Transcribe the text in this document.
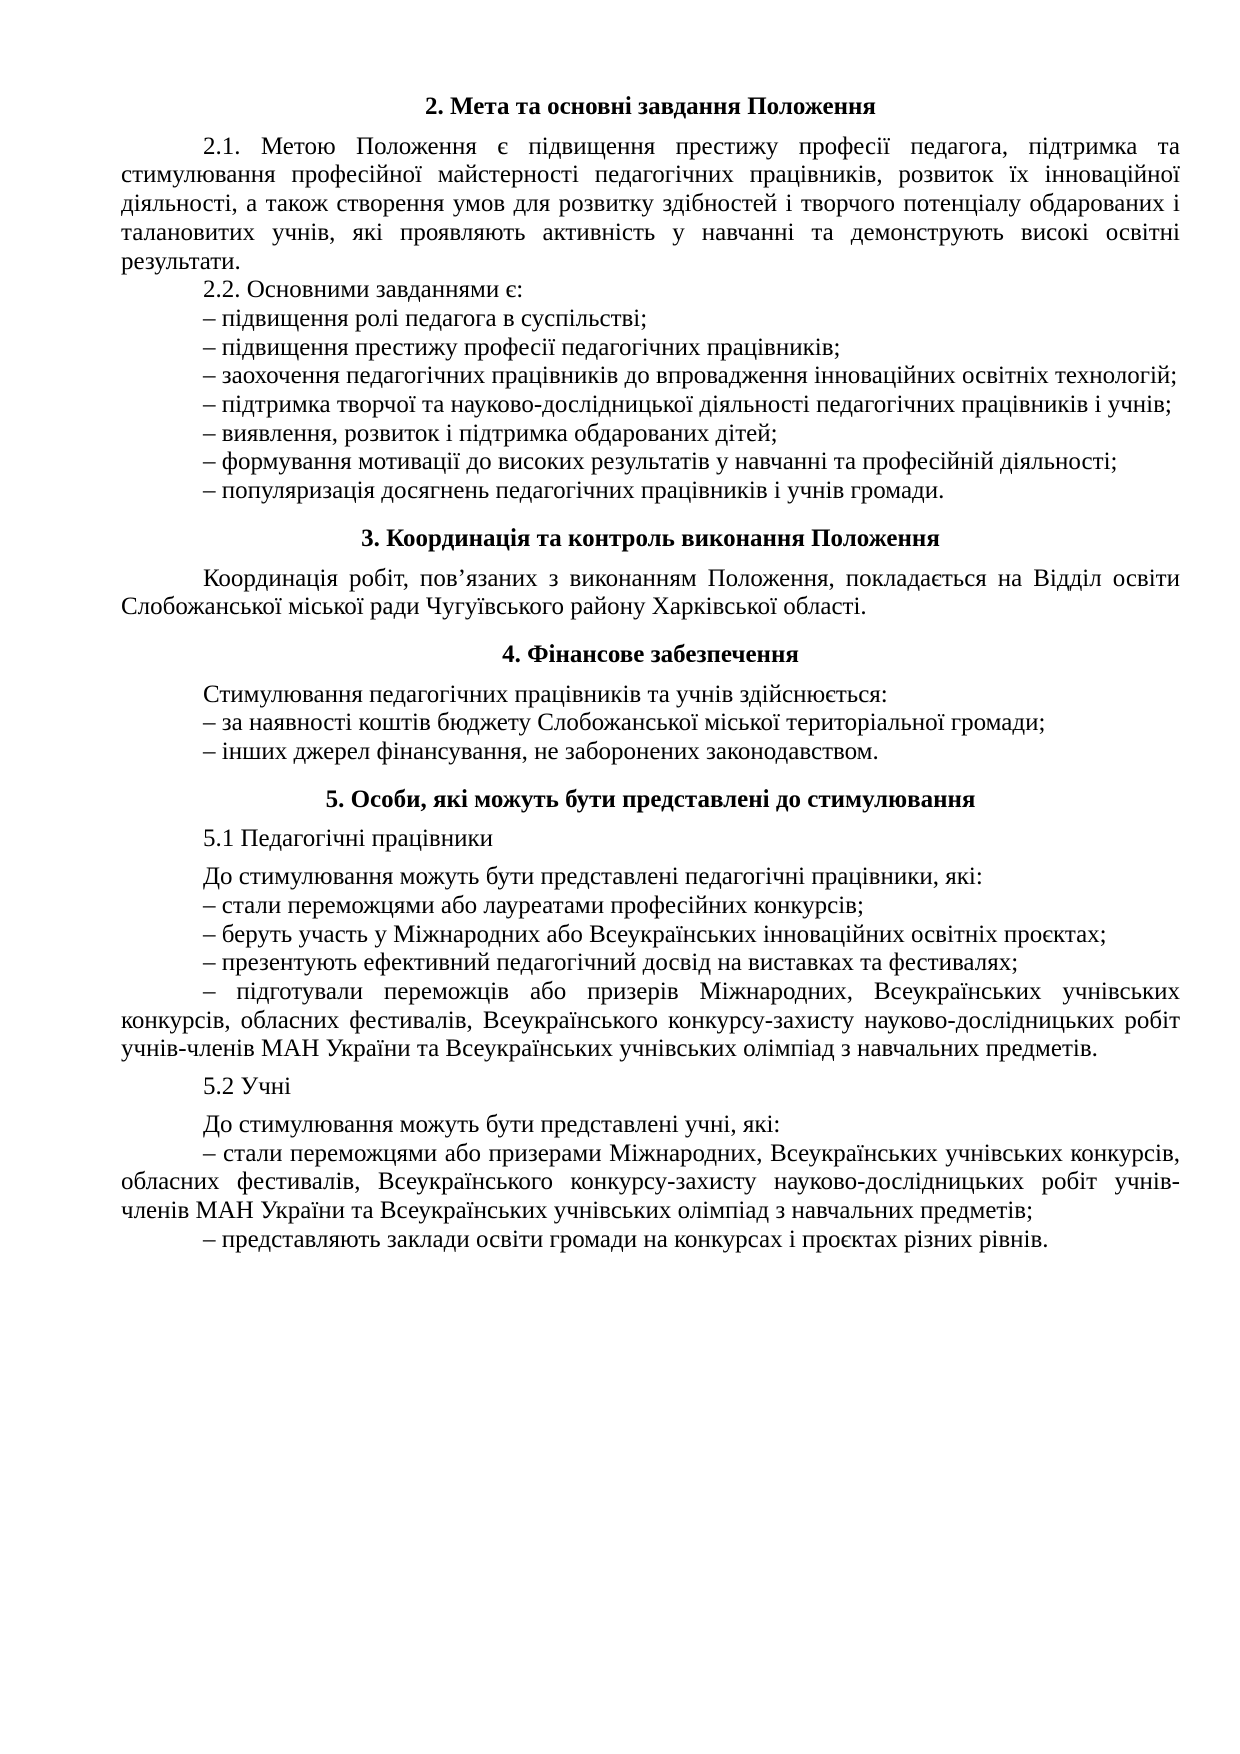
2. Мета та основні завдання Положення

2.1. Метою Положення є підвищення престижу професії педагога, підтримка та стимулювання професійної майстерності педагогічних працівників, розвиток їх інноваційної діяльності, а також створення умов для розвитку здібностей і творчого потенціалу обдарованих і талановитих учнів, які проявляють активність у навчанні та демонструють високі освітні результати.

2.2. Основними завданнями є:

– підвищення ролі педагога в суспільстві;

– підвищення престижу професії педагогічних працівників;

– заохочення педагогічних працівників до впровадження інноваційних освітніх технологій;

– підтримка творчої та науково-дослідницької діяльності педагогічних працівників і учнів;

– виявлення, розвиток і підтримка обдарованих дітей;

– формування мотивації до високих результатів у навчанні та професійній діяльності;

– популяризація досягнень педагогічних працівників і учнів громади.

3. Координація та контроль виконання Положення

Координація робіт, пов’язаних з виконанням Положення, покладається на Відділ освіти Слобожанської міської ради Чугуївського району Харківської області.

4. Фінансове забезпечення

Стимулювання педагогічних працівників та учнів здійснюється:

– за наявності коштів бюджету Слобожанської міської територіальної громади;

– інших джерел фінансування, не заборонених законодавством.

5. Особи, які можуть бути представлені до стимулювання

5.1 Педагогічні працівники

До стимулювання можуть бути представлені педагогічні працівники, які:

– стали переможцями або лауреатами професійних конкурсів;

– беруть участь у Міжнародних або Всеукраїнських інноваційних освітніх проєктах;

– презентують ефективний педагогічний досвід на виставках та фестивалях;

– підготували переможців або призерів Міжнародних, Всеукраїнських учнівських конкурсів, обласних фестивалів, Всеукраїнського конкурсу-захисту науково-дослідницьких робіт учнів-членів МАН України та Всеукраїнських учнівських олімпіад з навчальних предметів.

5.2 Учні

До стимулювання можуть бути представлені учні, які:

– стали переможцями або призерами Міжнародних, Всеукраїнських учнівських конкурсів, обласних фестивалів, Всеукраїнського конкурсу-захисту науково-дослідницьких робіт учнів-членів МАН України та Всеукраїнських учнівських олімпіад з навчальних предметів;

– представляють заклади освіти громади на конкурсах і проєктах різних рівнів.
